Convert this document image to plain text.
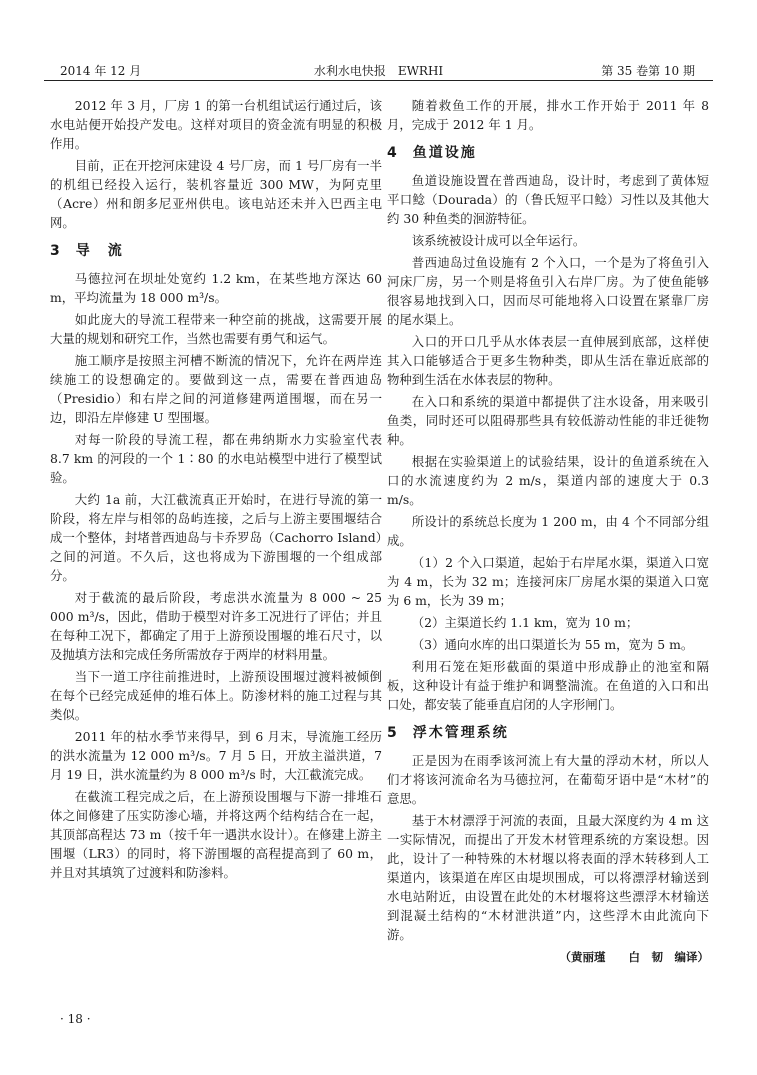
2014 年 12 月	水利水电快报　EWRHI	第 35 卷第 10 期

2012 年 3 月，厂房 1 的第一台机组试运行通过后，该水电站便开始投产发电。这样对项目的资金流有明显的积极作用。

目前，正在开挖河床建设 4 号厂房，而 1 号厂房有一半的机组已经投入运行，装机容量近 300 MW，为阿克里（Acre）州和朗多尼亚州供电。该电站还未并入巴西主电网。

3 导　流

马德拉河在坝址处宽约 1.2 km，在某些地方深达 60 m，平均流量为 18 000 m³/s。

如此庞大的导流工程带来一种空前的挑战，这需要开展大量的规划和研究工作，当然也需要有勇气和运气。

施工顺序是按照主河槽不断流的情况下，允许在两岸连续施工的设想确定的。要做到这一点，需要在普西迪岛（Presidio）和右岸之间的河道修建两道围堰，而在另一边，即沿左岸修建 U 型围堰。

对每一阶段的导流工程，都在弗纳斯水力实验室代表 8.7 km 的河段的一个 1∶80 的水电站模型中进行了模型试验。

大约 1a 前，大江截流真正开始时，在进行导流的第一阶段，将左岸与相邻的岛屿连接，之后与上游主要围堰结合成一个整体，封堵普西迪岛与卡乔罗岛（Cachorro Island）之间的河道。不久后，这也将成为下游围堰的一个组成部分。

对于截流的最后阶段，考虑洪水流量为 8 000 ~ 25 000 m³/s，因此，借助于模型对许多工况进行了评估；并且在每种工况下，都确定了用于上游预设围堰的堆石尺寸，以及抛填方法和完成任务所需放存于两岸的材料用量。

当下一道工序往前推进时，上游预设围堰过渡料被倾倒在每个已经完成延伸的堆石体上。防渗材料的施工过程与其类似。

2011 年的枯水季节来得早，到 6 月末，导流施工经历的洪水流量为 12 000 m³/s。7 月 5 日，开放主溢洪道，7 月 19 日，洪水流量约为 8 000 m³/s 时，大江截流完成。

在截流工程完成之后，在上游预设围堰与下游一排堆石体之间修建了压实防渗心墙，并将这两个结构结合在一起，其顶部高程达 73 m（按千年一遇洪水设计）。在修建上游主围堰（LR3）的同时，将下游围堰的高程提高到了 60 m，并且对其填筑了过渡料和防渗料。

随着救鱼工作的开展，排水工作开始于 2011 年 8 月，完成于 2012 年 1 月。

4 鱼道设施

鱼道设施设置在普西迪岛，设计时，考虑到了黄体短平口鲶（Dourada）的（鲁氏短平口鲶）习性以及其他大约 30 种鱼类的洄游特征。

该系统被设计成可以全年运行。

普西迪岛过鱼设施有 2 个入口，一个是为了将鱼引入河床厂房，另一个则是将鱼引入右岸厂房。为了使鱼能够很容易地找到入口，因而尽可能地将入口设置在紧靠厂房的尾水渠上。

入口的开口几乎从水体表层一直伸展到底部，这样使其入口能够适合于更多生物种类，即从生活在靠近底部的物种到生活在水体表层的物种。

在入口和系统的渠道中都提供了注水设备，用来吸引鱼类，同时还可以阻碍那些具有较低游动性能的非迁徙物种。

根据在实验渠道上的试验结果，设计的鱼道系统在入口的水流速度约为 2 m/s，渠道内部的速度大于 0.3 m/s。

所设计的系统总长度为 1 200 m，由 4 个不同部分组成。

（1）2 个入口渠道，起始于右岸尾水渠，渠道入口宽为 4 m，长为 32 m；连接河床厂房尾水渠的渠道入口宽为 6 m，长为 39 m；

（2）主渠道长约 1.1 km，宽为 10 m；

（3）通向水库的出口渠道长为 55 m，宽为 5 m。

利用石笼在矩形截面的渠道中形成静止的池室和隔板，这种设计有益于维护和调整湍流。在鱼道的入口和出口处，都安装了能垂直启闭的人字形闸门。

5 浮木管理系统

正是因为在雨季该河流上有大量的浮动木材，所以人们才将该河流命名为马德拉河，在葡萄牙语中是“木材”的意思。

基于木材漂浮于河流的表面，且最大深度约为 4 m 这一实际情况，而提出了开发木材管理系统的方案设想。因此，设计了一种特殊的木材堰以将表面的浮木转移到人工渠道内，该渠道在库区由堤坝围成，可以将漂浮材输送到水电站附近，由设置在此处的木材堰将这些漂浮木材输送到混凝土结构的“木材泄洪道”内，这些浮木由此流向下游。

（黄丽瑾　　白　韧　编译）
· 18 ·
